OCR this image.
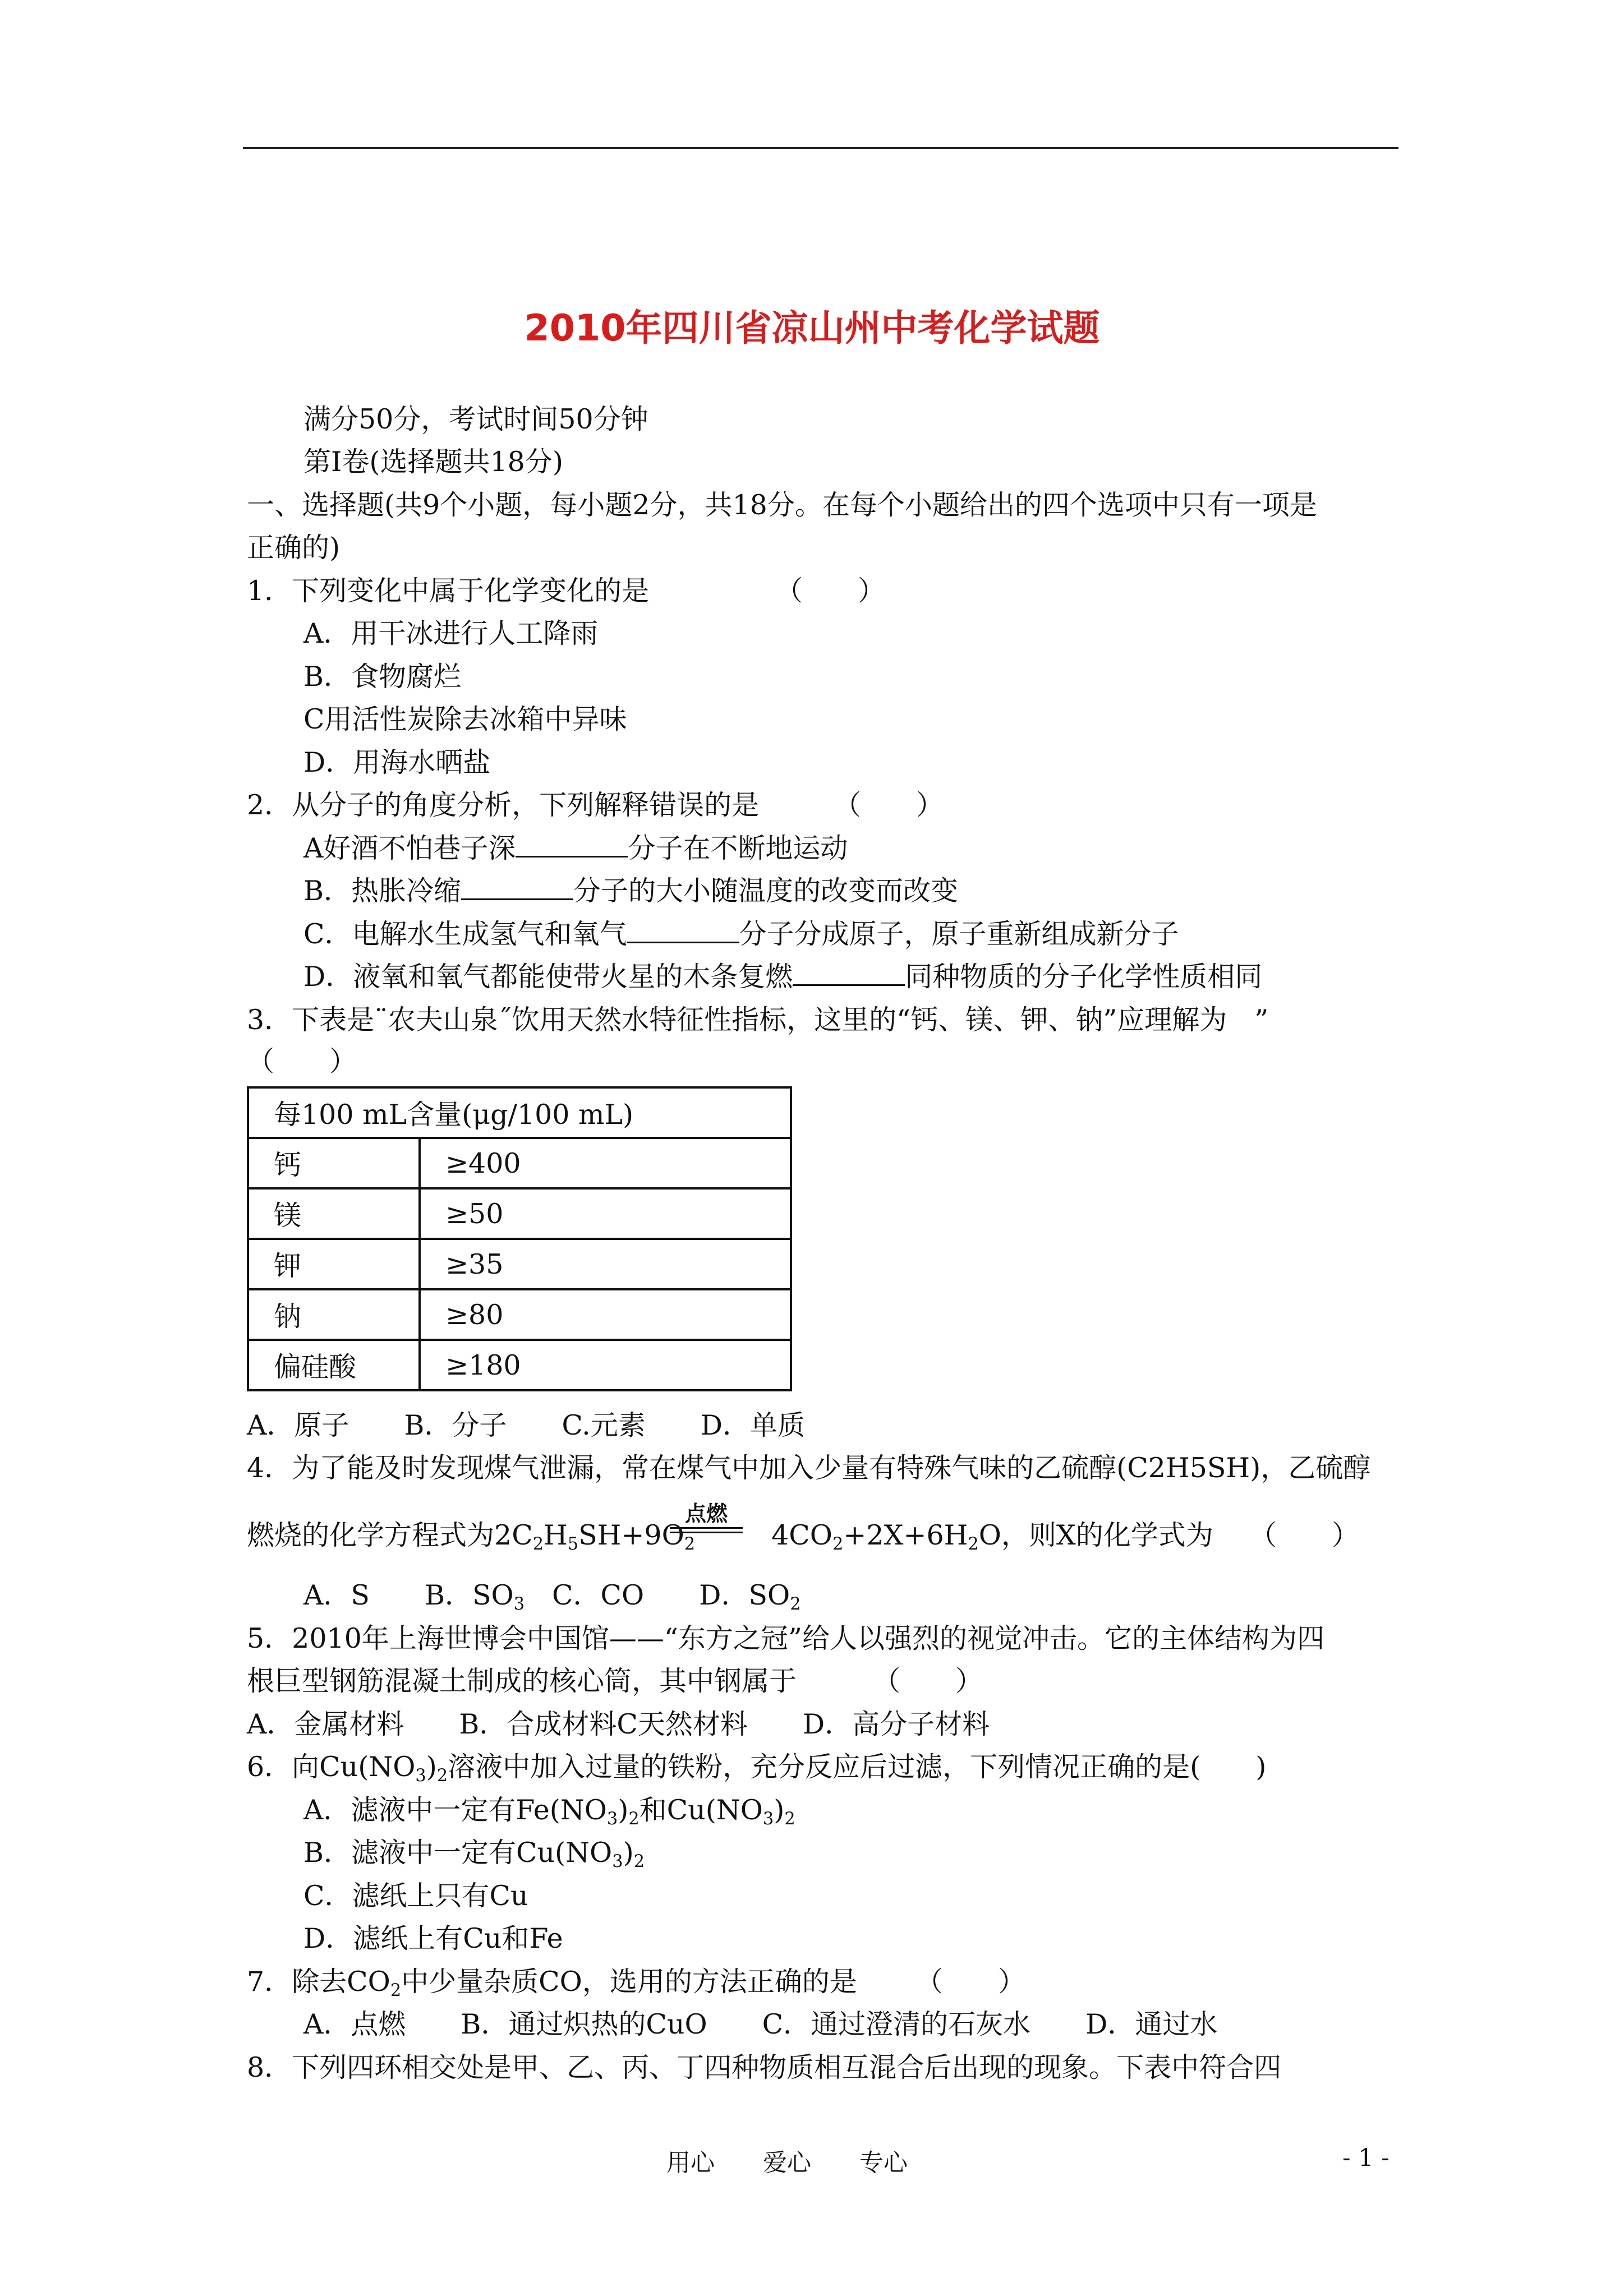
2010年四川省凉山州中考化学试题
满分50分，考试时间50分钟
第Ⅰ卷(选择题共18分)
一、选择题(共9个小题，每小题2分，共18分。在每个小题给出的四个选项中只有一项是
正确的)
1．下列变化中属于化学变化的是	（　　）
A．用干冰进行人工降雨
B．食物腐烂
C用活性炭除去冰箱中异味
D．用海水晒盐
2．从分子的角度分析，下列解释错误的是	（　　）
A好酒不怕巷子深	分子在不断地运动
B．热胀冷缩	分子的大小随温度的改变而改变
C．电解水生成氢气和氧气	分子分成原子，原子重新组成新分子
D．液氧和氧气都能使带火星的木条复燃	同种物质的分子化学性质相同
3．下表是¨农夫山泉˝饮用天然水特征性指标，这里的“钙、镁、钾、钠”应理解为　”
（　　）
每100 mL含量(μg/100 mL)	
钙	≥400
镁	≥50
钾	≥35
钠	≥80
偏硅酸	≥180
A．原子　　B．分子　　C.元素　　D．单质
4．为了能及时发现煤气泄漏，常在煤气中加入少量有特殊气味的乙硫醇(C2H5SH)，乙硫醇
燃烧的化学方程式为$2C_2H_5SH+9O_2$	$4CO_2+2X+6H_2O$，则X的化学式为
点燃
（　　）
A．S　　B．$SO_3$　C．CO　　D．$SO_2$
5．2010年上海世博会中国馆——“东方之冠”给人以强烈的视觉冲击。它的主体结构为四
根巨型钢筋混凝土制成的核心筒，其中钢属于	（　　）
A．金属材料　　B．合成材料C天然材料　　D．高分子材料
6．向$Cu(NO_3)_2$溶液中加入过量的铁粉，充分反应后过滤，下列情况正确的是(　　)
A．滤液中一定有$Fe(NO_3)_2$和$Cu(NO_3)_2$
B．滤液中一定有$Cu(NO_3)_2$
C．滤纸上只有Cu
D．滤纸上有Cu和Fe
7．除去$CO_2$中少量杂质CO，选用的方法正确的是 （　　）
A．点燃　　B．通过炽热的CuO　　C．通过澄清的石灰水　　D．通过水
8．下列四环相交处是甲、乙、丙、丁四种物质相互混合后出现的现象。下表中符合四
用心　　爱心　　专心	- 1 -
